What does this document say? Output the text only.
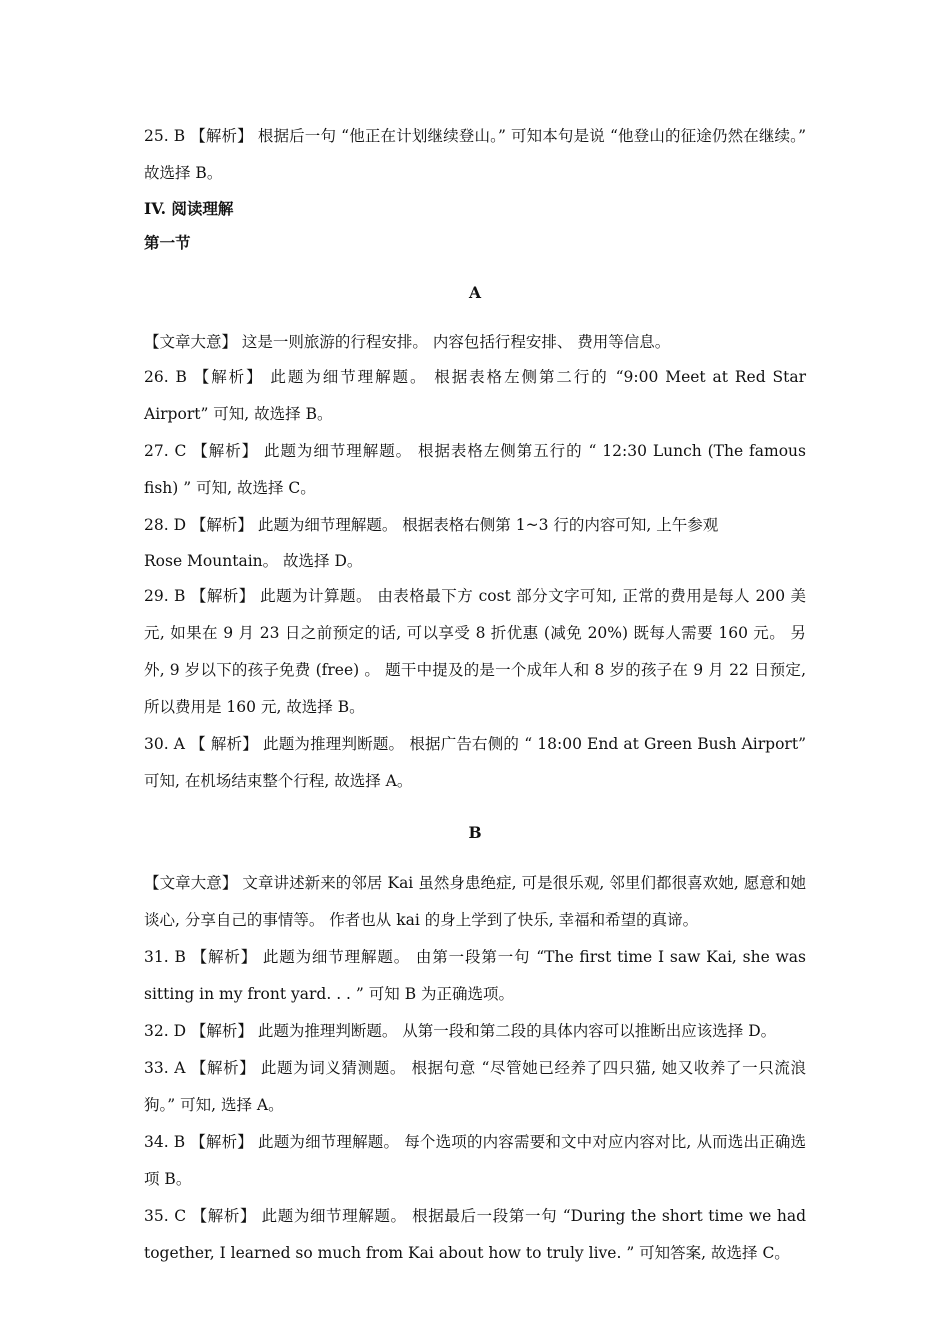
25. B 【解析】 根据后一句 “他正在计划继续登山。” 可知本句是说 “他登山的征途仍然在继续。” 故选择 B。

IV. 阅读理解

第一节

A

【文章大意】 这是一则旅游的行程安排。 内容包括行程安排、 费用等信息。

26. B 【解析】 此题为细节理解题。 根据表格左侧第二行的 “9:00 Meet at Red Star Airport” 可知, 故选择 B。

27. C 【解析】 此题为细节理解题。 根据表格左侧第五行的 “ 12:30 Lunch (The famous fish) ” 可知, 故选择 C。

28. D 【解析】 此题为细节理解题。 根据表格右侧第 1~3 行的内容可知, 上午参观

Rose Mountain。 故选择 D。

29. B 【解析】 此题为计算题。 由表格最下方 cost 部分文字可知, 正常的费用是每人 200 美元, 如果在 9 月 23 日之前预定的话, 可以享受 8 折优惠 (减免 20%) 既每人需要 160 元。 另外, 9 岁以下的孩子免费 (free) 。 题干中提及的是一个成年人和 8 岁的孩子在 9 月 22 日预定, 所以费用是 160 元, 故选择 B。

30. A 【 解析】 此题为推理判断题。 根据广告右侧的 “ 18:00 End at Green Bush Airport” 可知, 在机场结束整个行程, 故选择 A。

B

【文章大意】 文章讲述新来的邻居 Kai 虽然身患绝症, 可是很乐观, 邻里们都很喜欢她, 愿意和她谈心, 分享自己的事情等。 作者也从 kai 的身上学到了快乐, 幸福和希望的真谛。

31. B 【解析】 此题为细节理解题。 由第一段第一句 “The first time I saw Kai, she was sitting in my front yard. . . ” 可知 B 为正确选项。

32. D 【解析】 此题为推理判断题。 从第一段和第二段的具体内容可以推断出应该选择 D。

33. A 【解析】 此题为词义猜测题。 根据句意 “尽管她已经养了四只猫, 她又收养了一只流浪狗。” 可知, 选择 A。

34. B 【解析】 此题为细节理解题。 每个选项的内容需要和文中对应内容对比, 从而选出正确选项 B。

35. C 【解析】 此题为细节理解题。 根据最后一段第一句 “During the short time we had together, I learned so much from Kai about how to truly live. ” 可知答案, 故选择 C。
